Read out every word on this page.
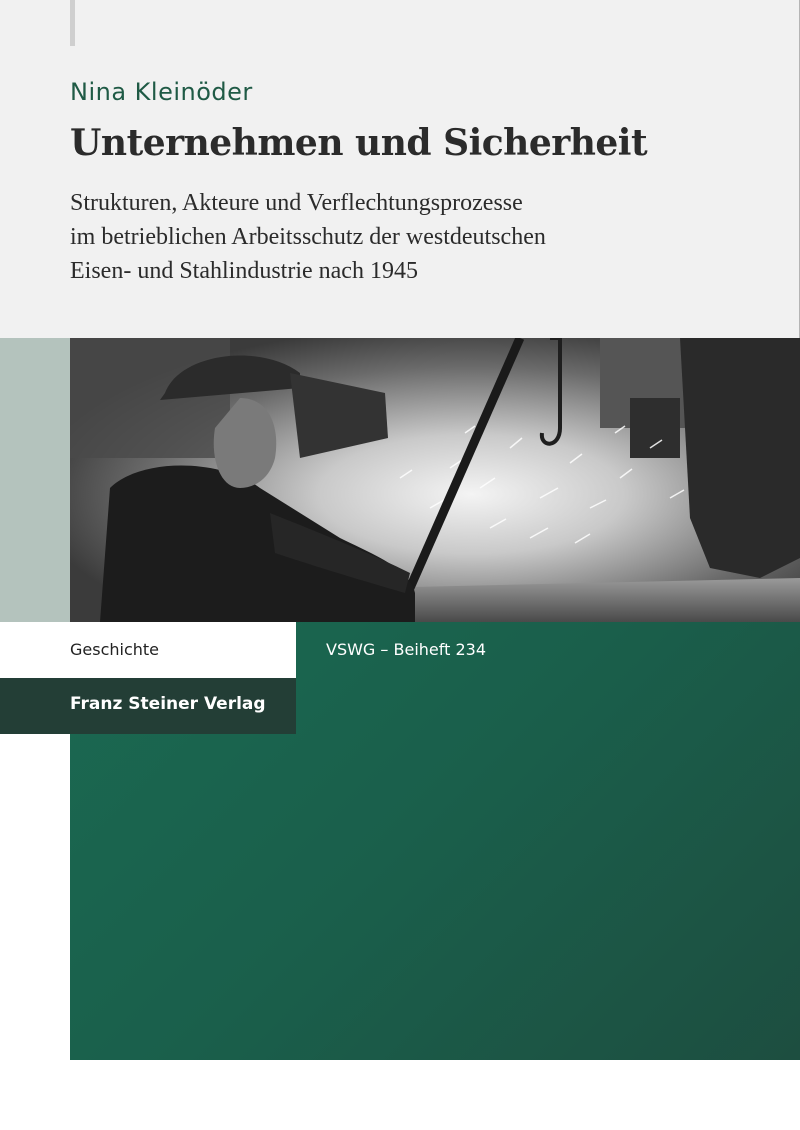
Nina Kleinöder
Unternehmen und Sicherheit
Strukturen, Akteure und Verflechtungsprozesse
im betrieblichen Arbeitsschutz der westdeutschen
Eisen- und Stahlindustrie nach 1945
Geschichte
Franz Steiner Verlag
VSWG – Beiheft 234
